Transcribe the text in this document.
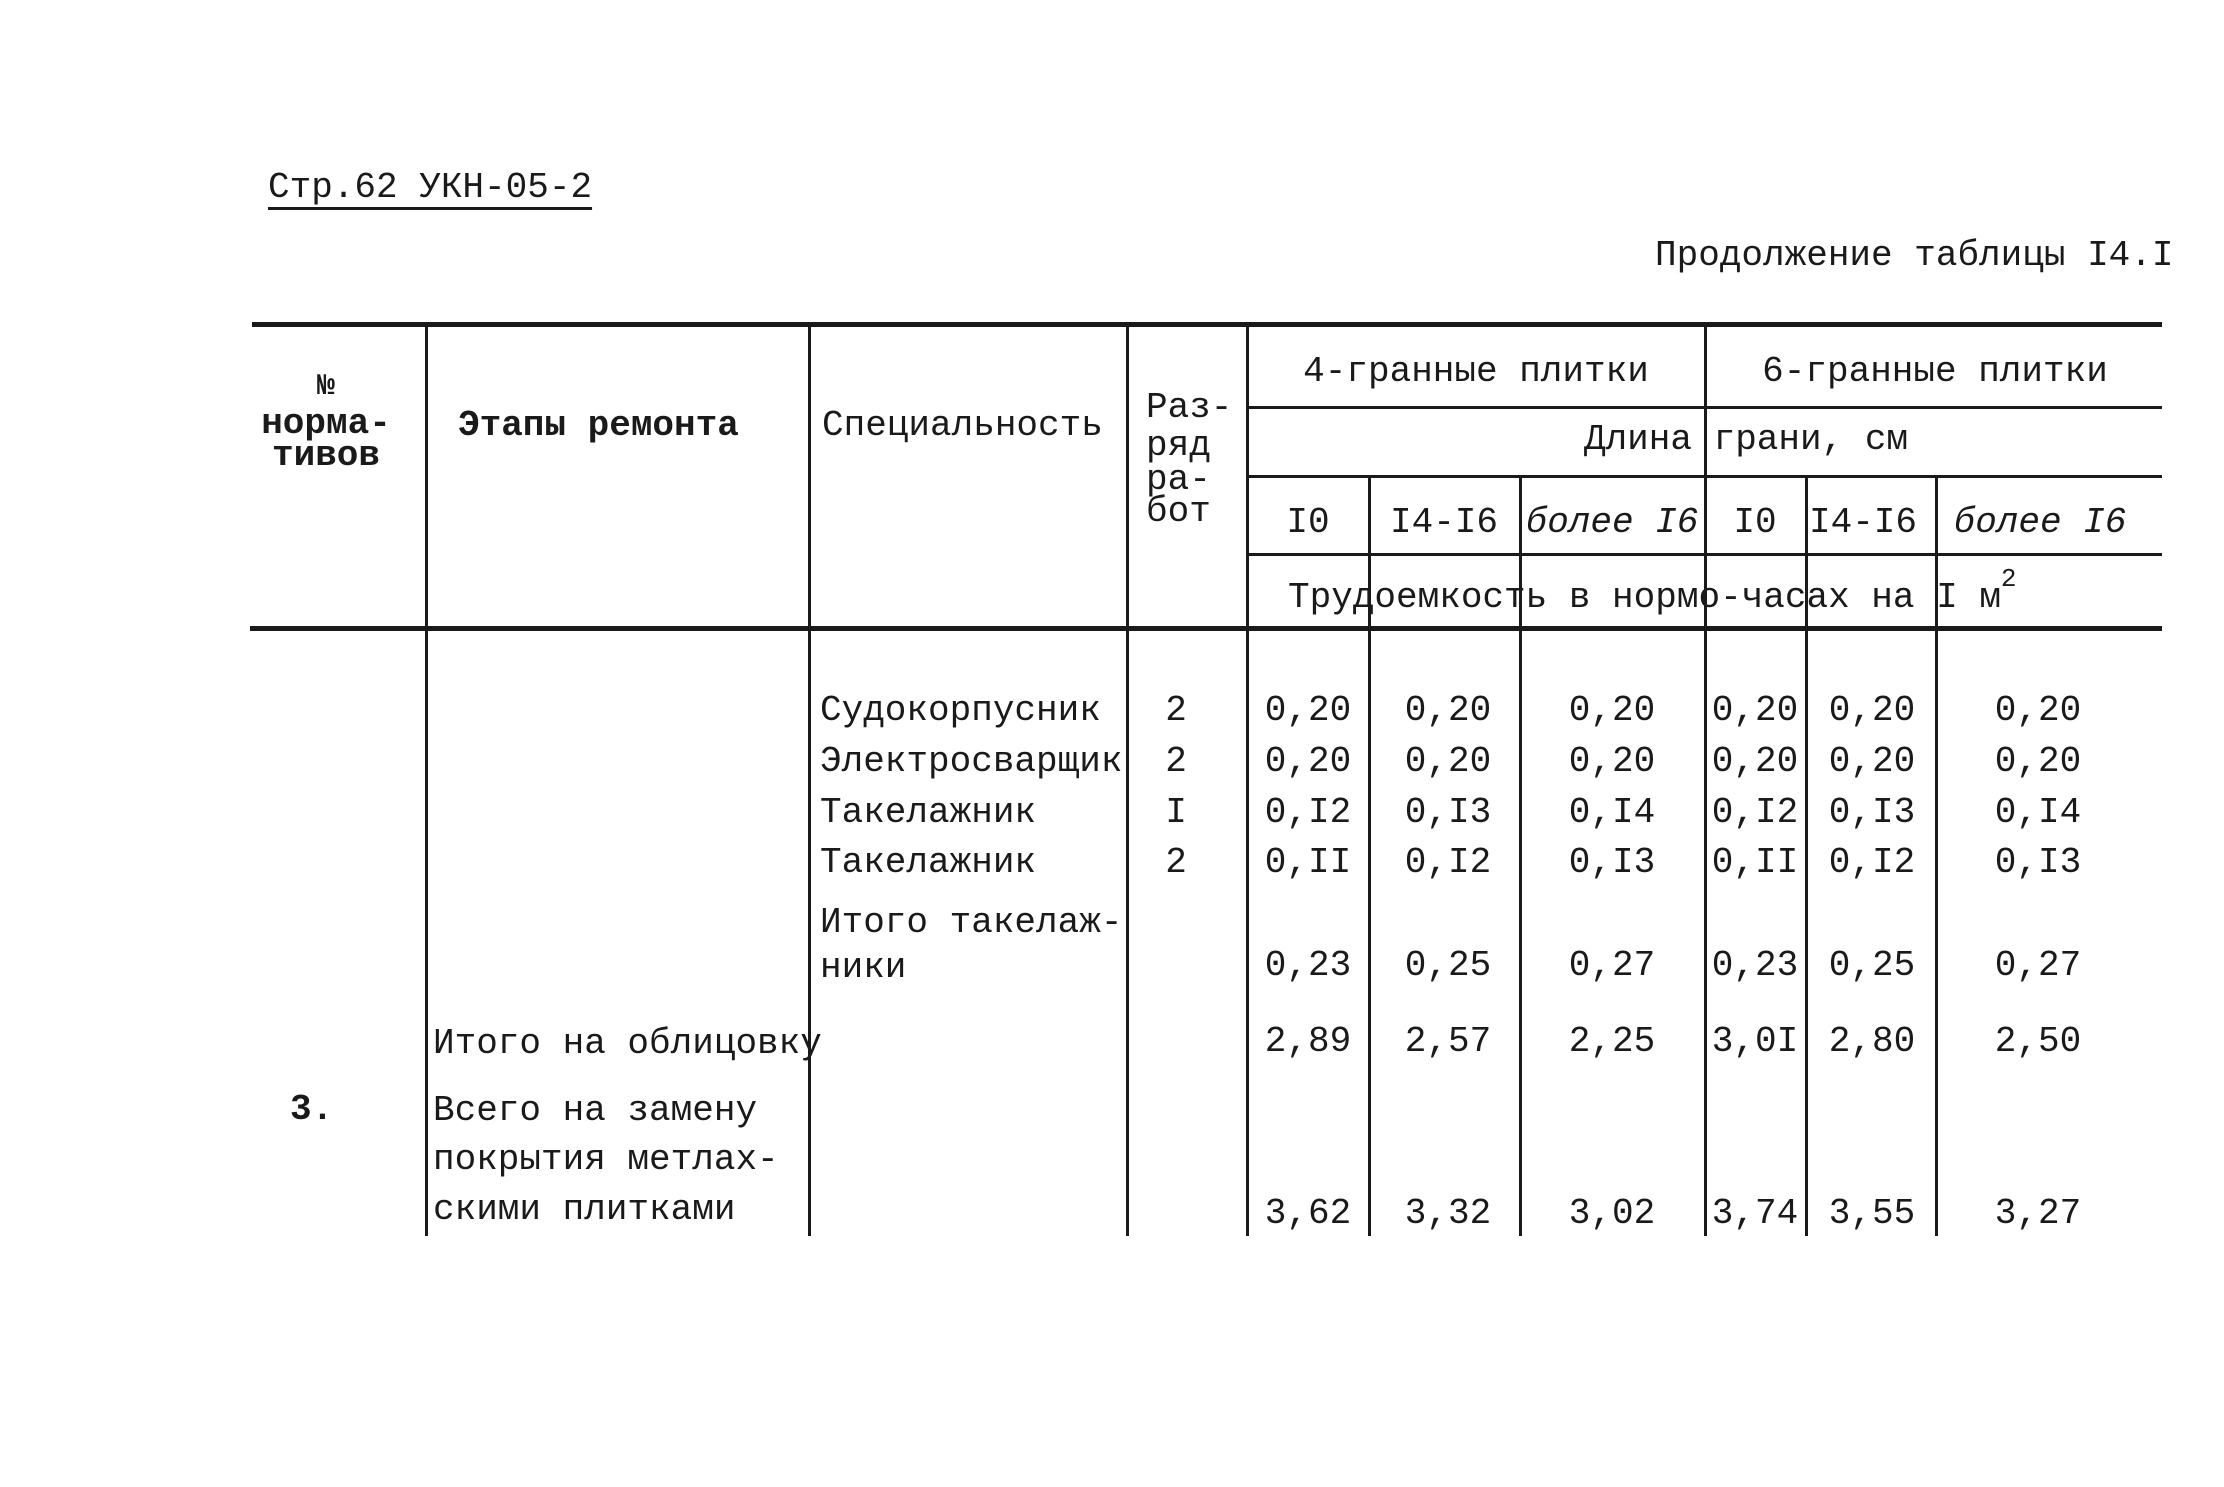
Стр.62 УКН-05-2
Продолжение таблицы I4.I
№
норма-
тивов
Этапы ремонта Специальность Раз-
ряд
ра-
бот
4-гранные плитки	6-гранные плитки
Длина грани, см
I0 I4-I6 более I6 I0 I4-I6 более I6
Трудоемкость в нормо-часах на I $м^2$
Судокорпусник 2 0,20 0,20 0,20 0,20 0,20 0,20
Электросварщик 2 0,20 0,20 0,20 0,20 0,20 0,20
Такелажник	I 0,I2 0,I3 0,I4 0,I2 0,I3 0,I4
Такелажник	2 0,II 0,I2 0,I3 0,II 0,I2 0,I3
Итого такелаж-
ники	0,23 0,25 0,27 0,23 0,25 0,27
Итого на облицовку	2,89 2,57 2,25 3,0I 2,80 2,50
3.	Всего на замену
покрытия метлах-
скими плитками	3,62 3,32 3,02 3,74 3,55 3,27
